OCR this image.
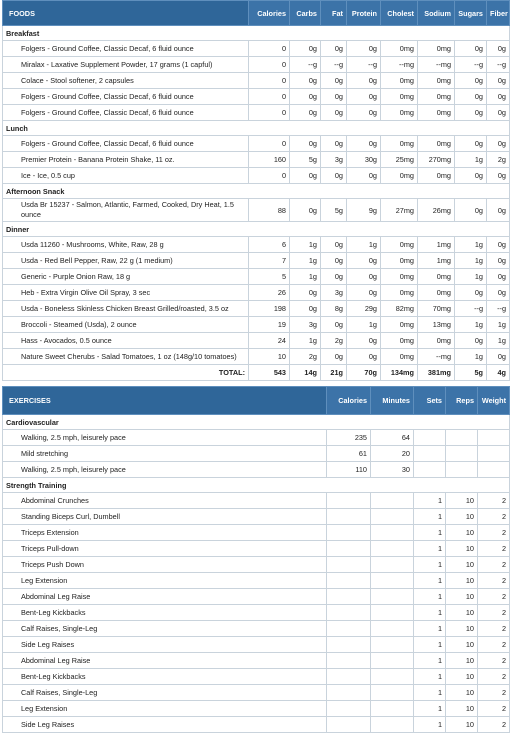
FOODS	Calories	Carbs	Fat	Protein	Cholest	Sodium	Sugars	Fiber
Breakfast								
Folgers - Ground Coffee, Classic Decaf, 6 fluid ounce	0	0g	0g	0g	0mg	0mg	0g	0g
Miralax - Laxative Supplement Powder, 17 grams (1 capful)	0	--g	--g	--g	--mg	--mg	--g	--g
Colace - Stool softener, 2 capsules	0	0g	0g	0g	0mg	0mg	0g	0g
Folgers - Ground Coffee, Classic Decaf, 6 fluid ounce	0	0g	0g	0g	0mg	0mg	0g	0g
Folgers - Ground Coffee, Classic Decaf, 6 fluid ounce	0	0g	0g	0g	0mg	0mg	0g	0g
Lunch								
Folgers - Ground Coffee, Classic Decaf, 6 fluid ounce	0	0g	0g	0g	0mg	0mg	0g	0g
Premier Protein - Banana Protein Shake, 11 oz.	160	5g	3g	30g	25mg	270mg	1g	2g
Ice - Ice, 0.5 cup	0	0g	0g	0g	0mg	0mg	0g	0g
Afternoon Snack								
Usda Br 15237 - Salmon, Atlantic, Farmed, Cooked, Dry Heat, 1.5 ounce	88	0g	5g	9g	27mg	26mg	0g	0g
Dinner								
Usda 11260 - Mushrooms, White, Raw, 28 g	6	1g	0g	1g	0mg	1mg	1g	0g
Usda - Red Bell Pepper, Raw, 22 g (1 medium)	7	1g	0g	0g	0mg	1mg	1g	0g
Generic - Purple Onion Raw, 18 g	5	1g	0g	0g	0mg	0mg	1g	0g
Heb - Extra Virgin Olive Oil Spray, 3 sec	26	0g	3g	0g	0mg	0mg	0g	0g
Usda - Boneless Skinless Chicken Breast Grilled/roasted, 3.5 oz	198	0g	8g	29g	82mg	70mg	--g	--g
Broccoli - Steamed (Usda), 2 ounce	19	3g	0g	1g	0mg	13mg	1g	1g
Hass - Avocados, 0.5 ounce	24	1g	2g	0g	0mg	0mg	0g	1g
Nature Sweet Cherubs - Salad Tomatoes, 1 oz (148g/10 tomatoes)	10	2g	0g	0g	0mg	--mg	1g	0g
TOTAL:	543	14g	21g	70g	134mg	381mg	5g	4g
EXERCISES	Calories	Minutes	Sets	Reps	Weight
Cardiovascular					
Walking, 2.5 mph, leisurely pace	235	64			
Mild stretching	61	20			
Walking, 2.5 mph, leisurely pace	110	30			
Strength Training					
Abdominal Crunches			1	10	2
Standing Biceps Curl, Dumbell			1	10	2
Triceps Extension			1	10	2
Triceps Pull-down			1	10	2
Triceps Push Down			1	10	2
Leg Extension			1	10	2
Abdominal Leg Raise			1	10	2
Bent-Leg Kickbacks			1	10	2
Calf Raises, Single-Leg			1	10	2
Side Leg Raises			1	10	2
Abdominal Leg Raise			1	10	2
Bent-Leg Kickbacks			1	10	2
Calf Raises, Single-Leg			1	10	2
Leg Extension			1	10	2
Side Leg Raises			1	10	2
